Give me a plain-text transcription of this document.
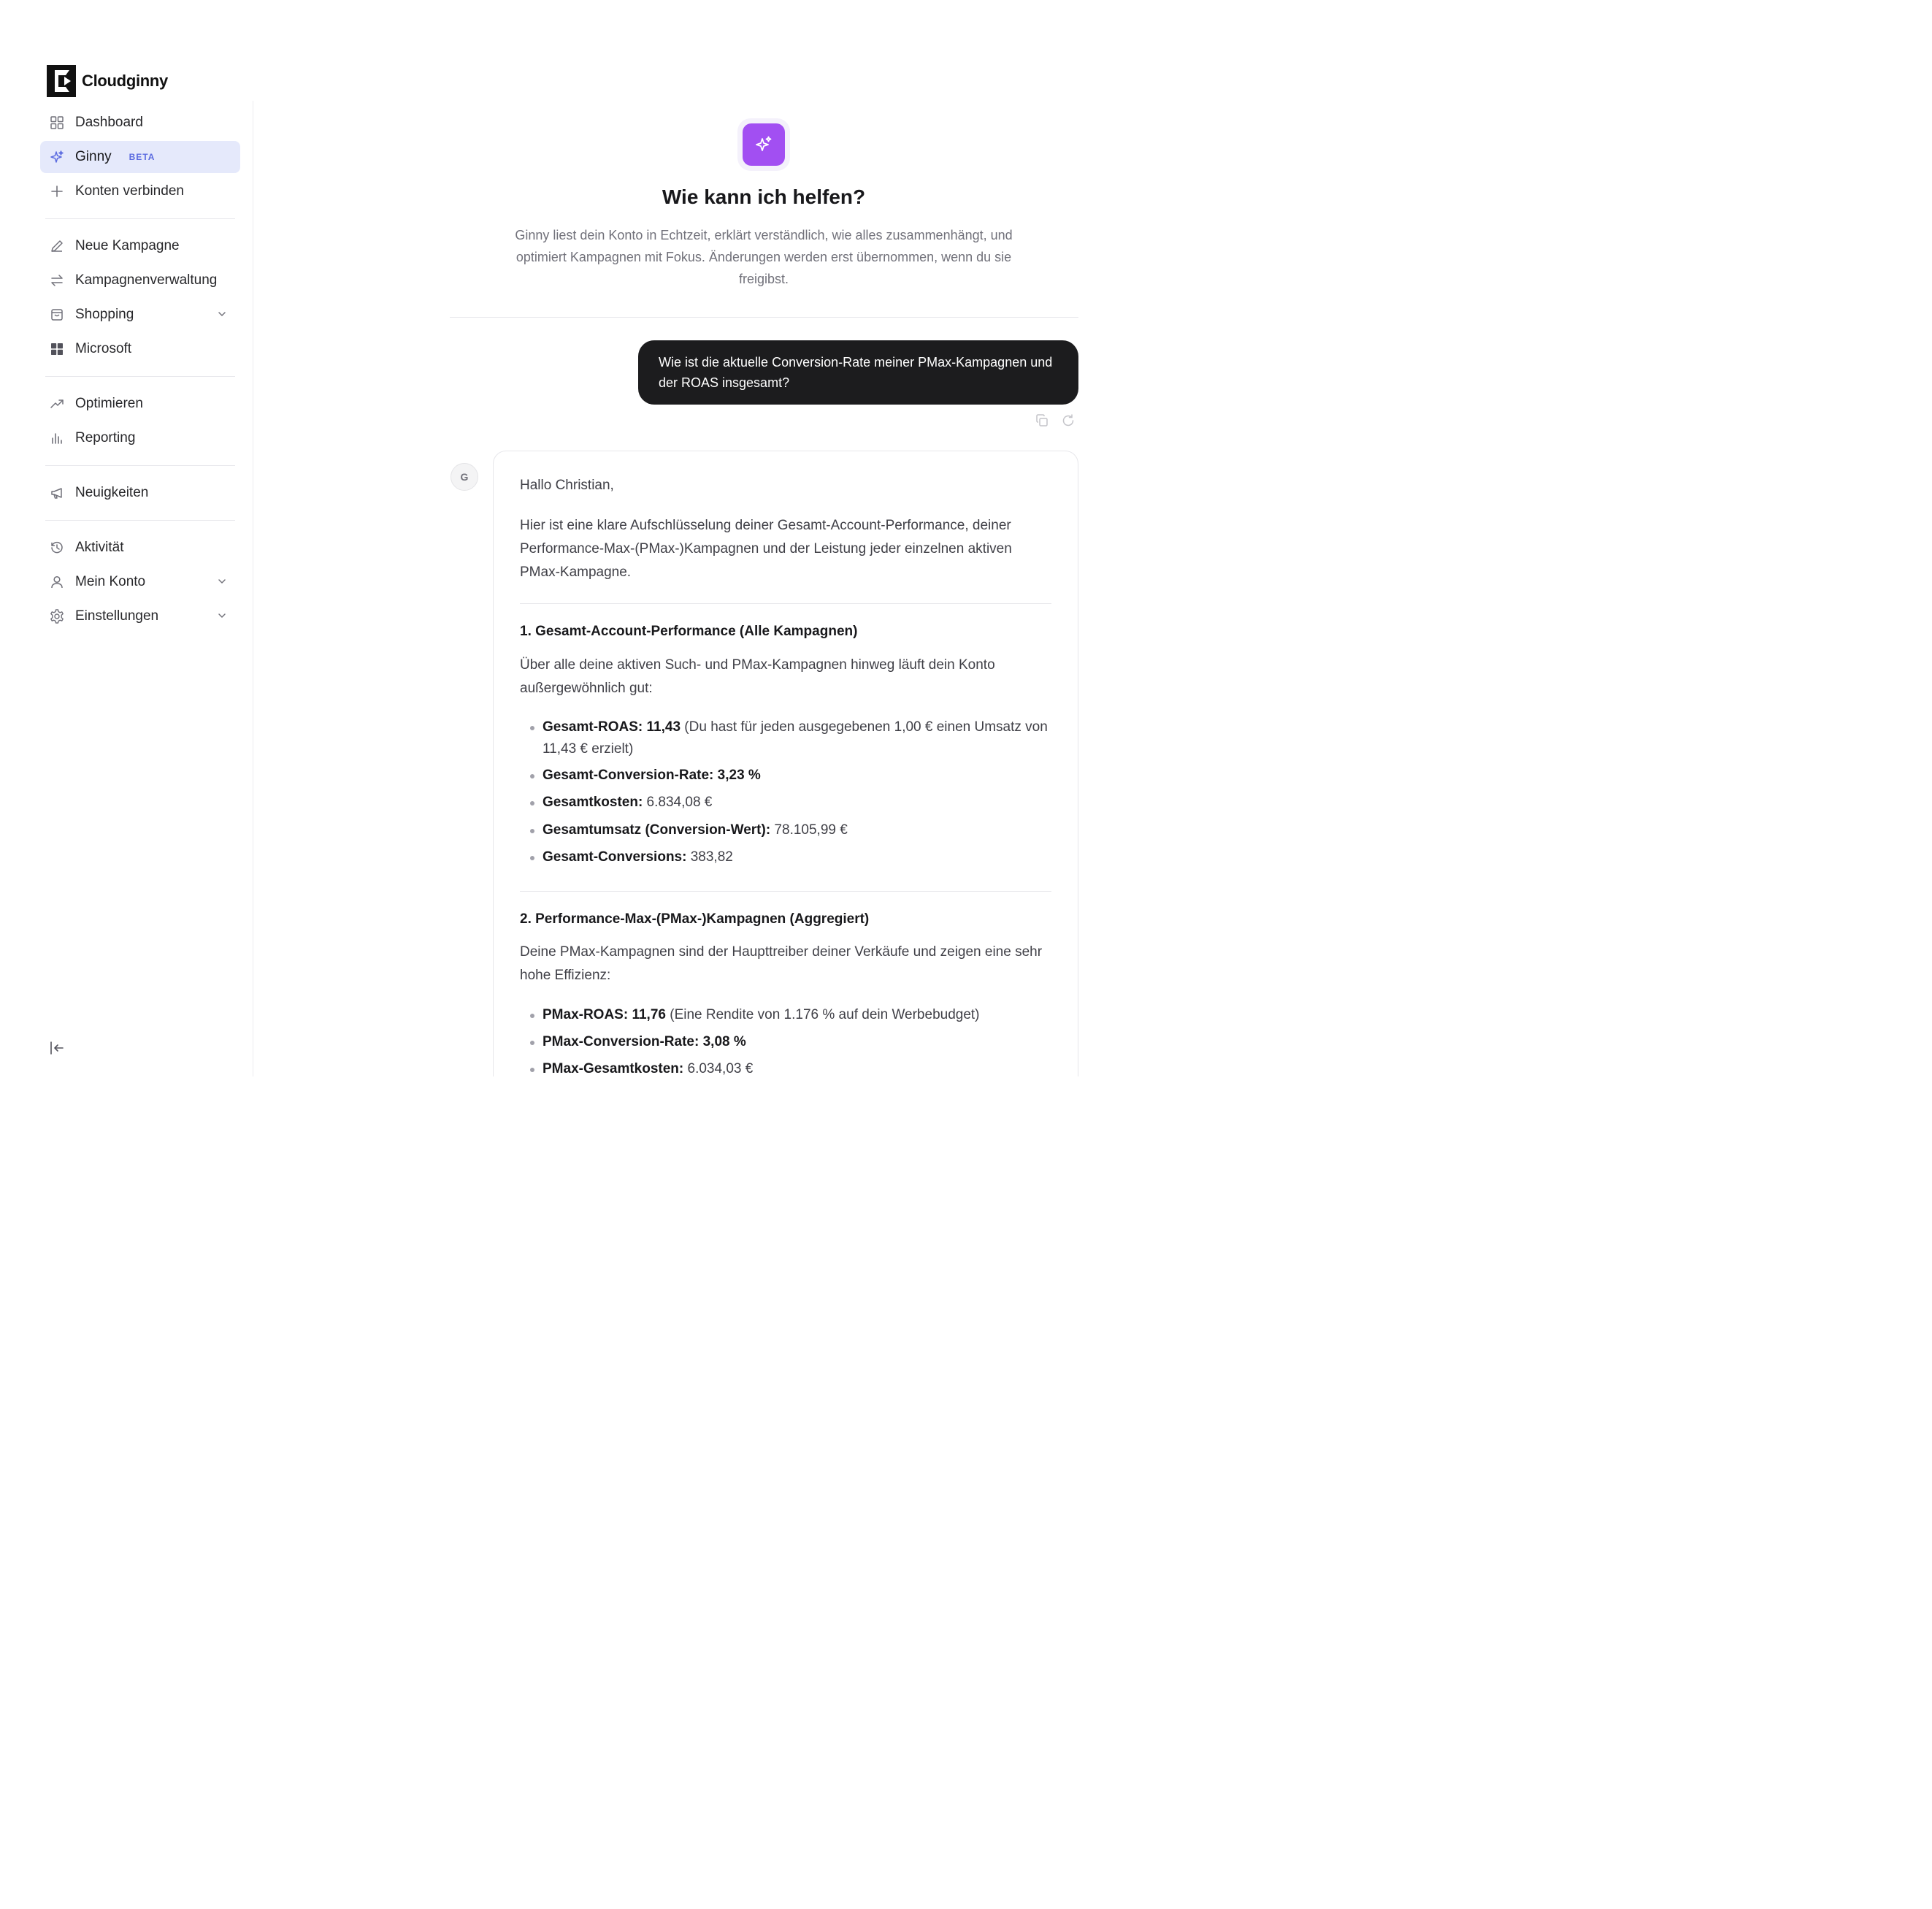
Cloudginny
Dashboard
Ginny BETA
Konten verbinden
Neue Kampagne
Kampagnenverwaltung
Shopping
Microsoft
Optimieren
Reporting
Neuigkeiten
Aktivität
Mein Konto
Einstellungen
Wie kann ich helfen?
Ginny liest dein Konto in Echtzeit, erklärt verständlich, wie alles zusammenhängt, und optimiert Kampagnen mit Fokus. Änderungen werden erst übernommen, wenn du sie freigibst.
Wie ist die aktuelle Conversion-Rate meiner PMax-Kampagnen und der ROAS insgesamt?
G
Hallo Christian,
Hier ist eine klare Aufschlüsselung deiner Gesamt-Account-Performance, deiner Performance-Max-(PMax-)Kampagnen und der Leistung jeder einzelnen aktiven PMax-Kampagne.
1. Gesamt-Account-Performance (Alle Kampagnen)
Über alle deine aktiven Such- und PMax-Kampagnen hinweg läuft dein Konto außergewöhnlich gut:
Gesamt-ROAS: 11,43 (Du hast für jeden ausgegebenen 1,00 € einen Umsatz von 11,43 € erzielt)
Gesamt-Conversion-Rate: 3,23 %
Gesamtkosten: 6.834,08 €
Gesamtumsatz (Conversion-Wert): 78.105,99 €
Gesamt-Conversions: 383,82
2. Performance-Max-(PMax-)Kampagnen (Aggregiert)
Deine PMax-Kampagnen sind der Haupttreiber deiner Verkäufe und zeigen eine sehr hohe Effizienz:
PMax-ROAS: 11,76 (Eine Rendite von 1.176 % auf dein Werbebudget)
PMax-Conversion-Rate: 3,08 %
PMax-Gesamtkosten: 6.034,03 €
